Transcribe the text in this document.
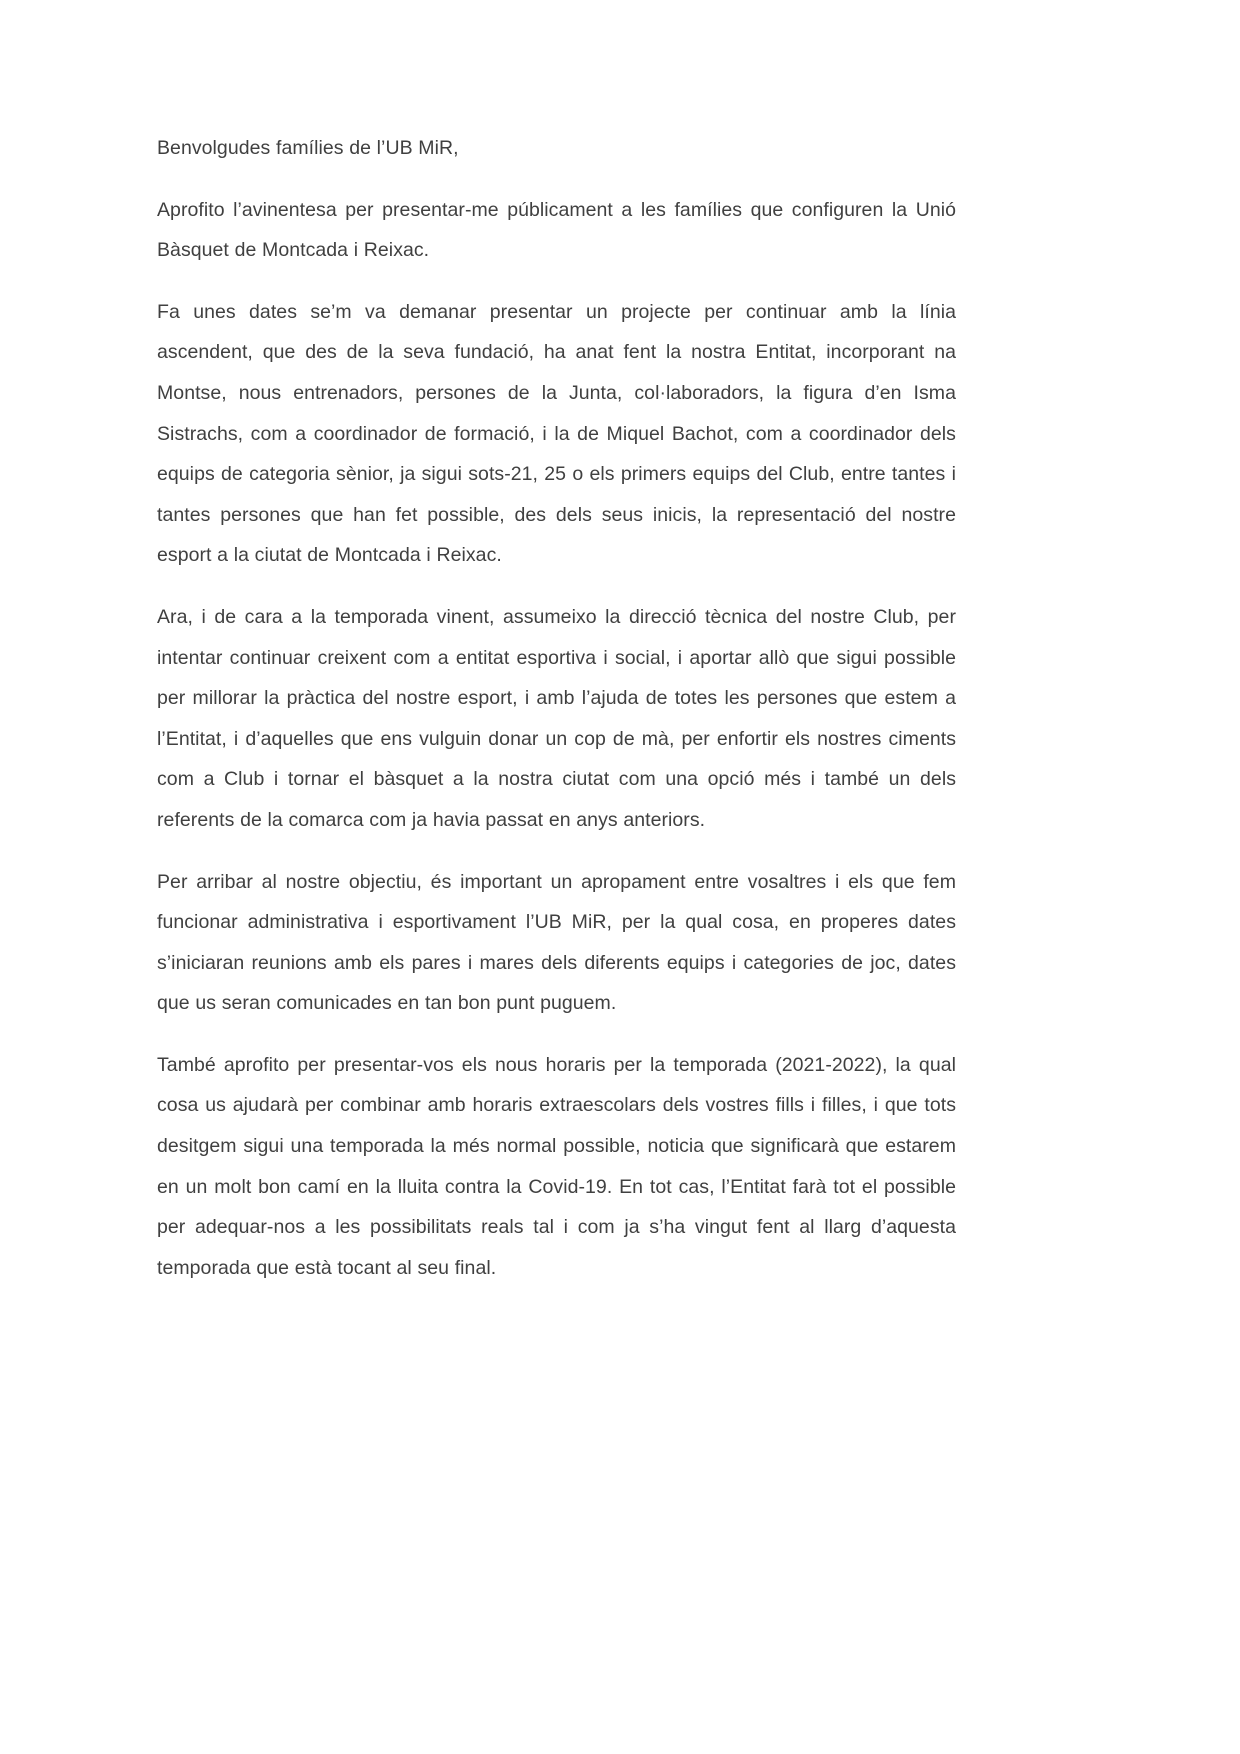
Benvolgudes famílies de l’UB MiR,

Aprofito l’avinentesa per presentar-me públicament a les famílies que configuren la Unió Bàsquet de Montcada i Reixac.

Fa unes dates se’m va demanar presentar un projecte per continuar amb la línia ascendent, que des de la seva fundació, ha anat fent la nostra Entitat, incorporant na Montse, nous entrenadors, persones de la Junta, col·laboradors, la figura d’en Isma Sistrachs, com a coordinador de formació, i la de Miquel Bachot, com a coordinador dels equips de categoria sènior, ja sigui sots-21, 25 o els primers equips del Club, entre tantes i tantes persones que han fet possible, des dels seus inicis, la representació del nostre esport a la ciutat de Montcada i Reixac.

Ara, i de cara a la temporada vinent, assumeixo la direcció tècnica del nostre Club, per intentar continuar creixent com a entitat esportiva i social, i aportar allò que sigui possible per millorar la pràctica del nostre esport, i amb l’ajuda de totes les persones que estem a l’Entitat, i d’aquelles que ens vulguin donar un cop de mà, per enfortir els nostres ciments com a Club i tornar el bàsquet a la nostra ciutat com una opció més i també un dels referents de la comarca com ja havia passat en anys anteriors.

Per arribar al nostre objectiu, és important un apropament entre vosaltres i els que fem funcionar administrativa i esportivament l’UB MiR, per la qual cosa, en properes dates s’iniciaran reunions amb els pares i mares dels diferents equips i categories de joc, dates que us seran comunicades en tan bon punt puguem.

També aprofito per presentar-vos els nous horaris per la temporada (2021-2022), la qual cosa us ajudarà per combinar amb horaris extraescolars dels vostres fills i filles, i que tots desitgem sigui una temporada la més normal possible, noticia que significarà que estarem en un molt bon camí en la lluita contra la Covid-19. En tot cas, l’Entitat farà tot el possible per adequar-nos a les possibilitats reals tal i com ja s’ha vingut fent al llarg d’aquesta temporada que està tocant al seu final.
